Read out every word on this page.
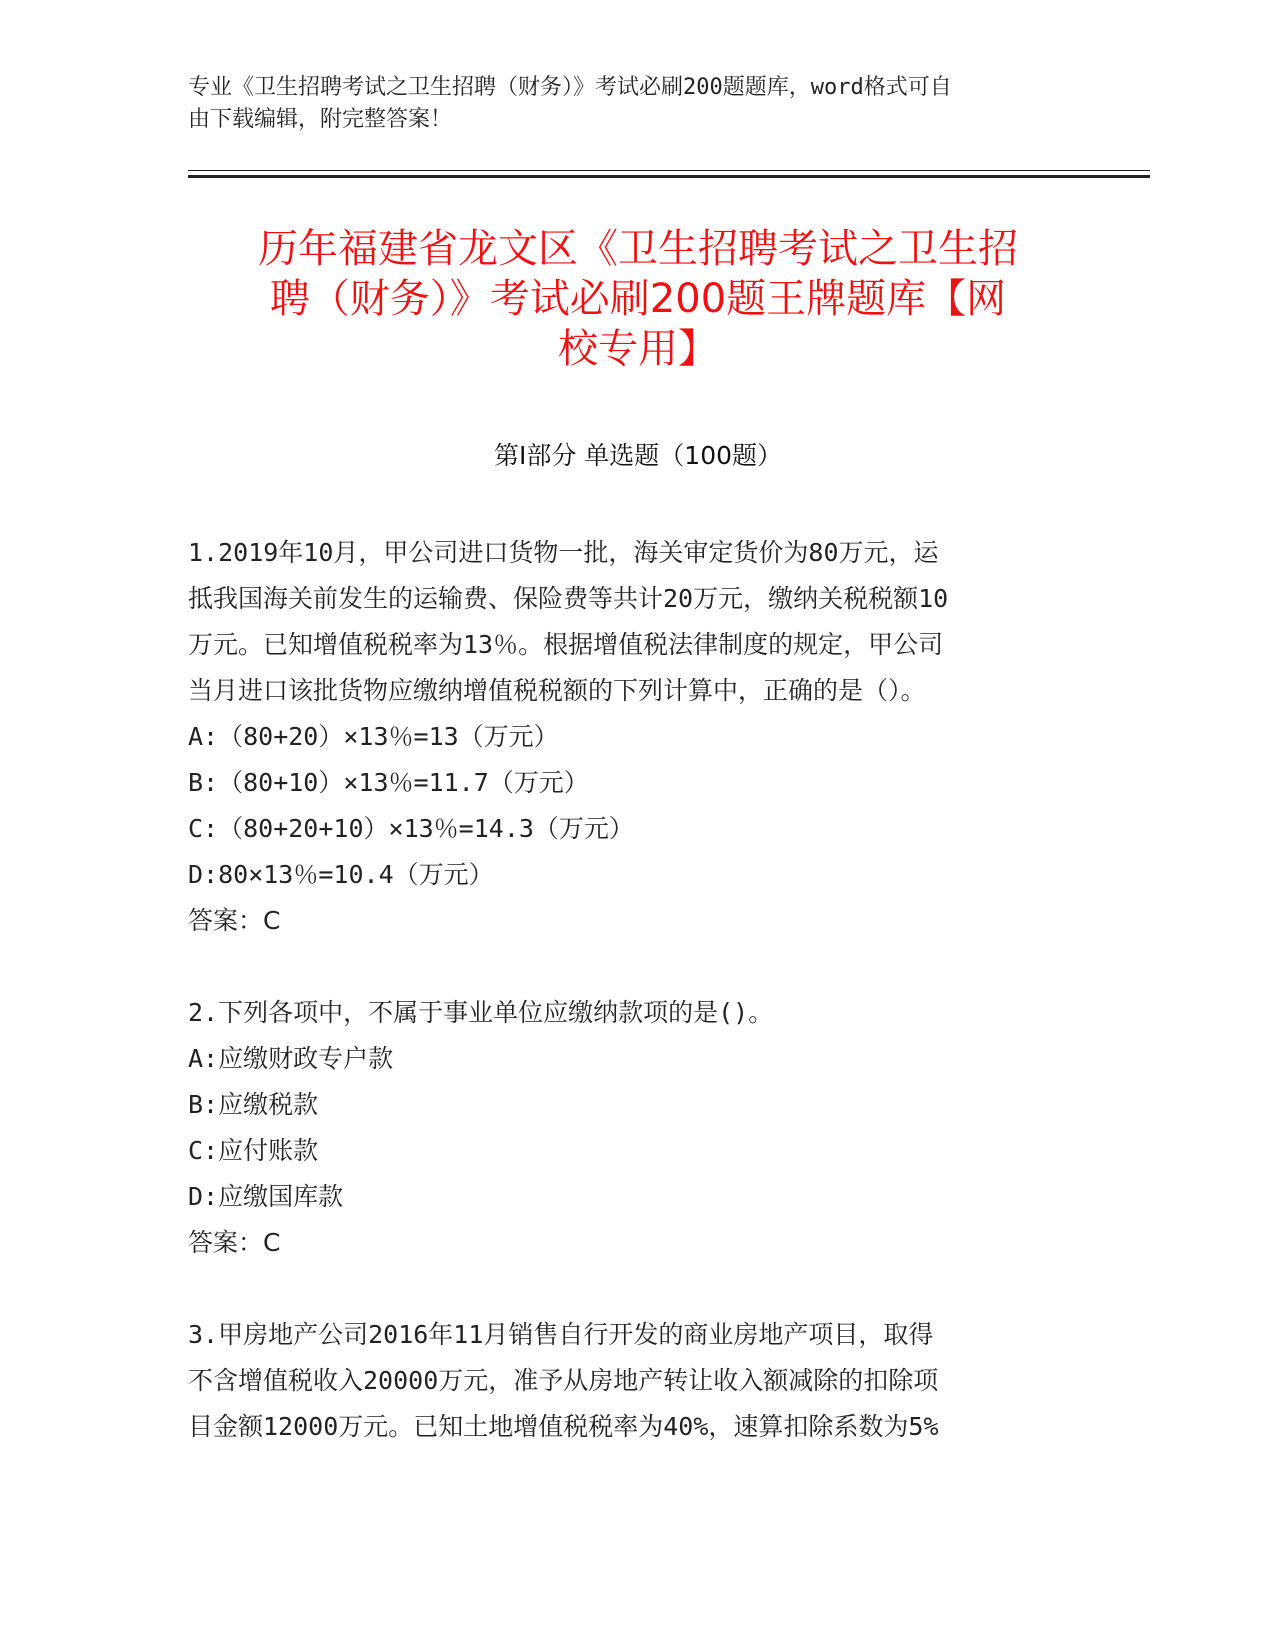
专业《卫生招聘考试之卫生招聘（财务）》考试必刷200题题库，word格式可自
由下载编辑，附完整答案！
历年福建省龙文区《卫生招聘考试之卫生招
聘（财务）》考试必刷200题王牌题库【网
校专用】
第Ⅰ部分 单选题（100题）

1.2019年10月，甲公司进口货物一批，海关审定货价为80万元，运

抵我国海关前发生的运输费、保险费等共计20万元，缴纳关税税额10

万元。已知增值税税率为13％。根据增值税法律制度的规定，甲公司

当月进口该批货物应缴纳增值税税额的下列计算中，正确的是（）。

A:（80+20）×13％=13（万元）

B:（80+10）×13％=11.7（万元）

C:（80+20+10）×13％=14.3（万元）

D:80×13％=10.4（万元）

答案：C

2.下列各项中，不属于事业单位应缴纳款项的是()。

A:应缴财政专户款

B:应缴税款

C:应付账款

D:应缴国库款

答案：C

3.甲房地产公司2016年11月销售自行开发的商业房地产项目，取得

不含增值税收入20000万元，准予从房地产转让收入额减除的扣除项

目金额12000万元。已知土地增值税税率为40%，速算扣除系数为5%
